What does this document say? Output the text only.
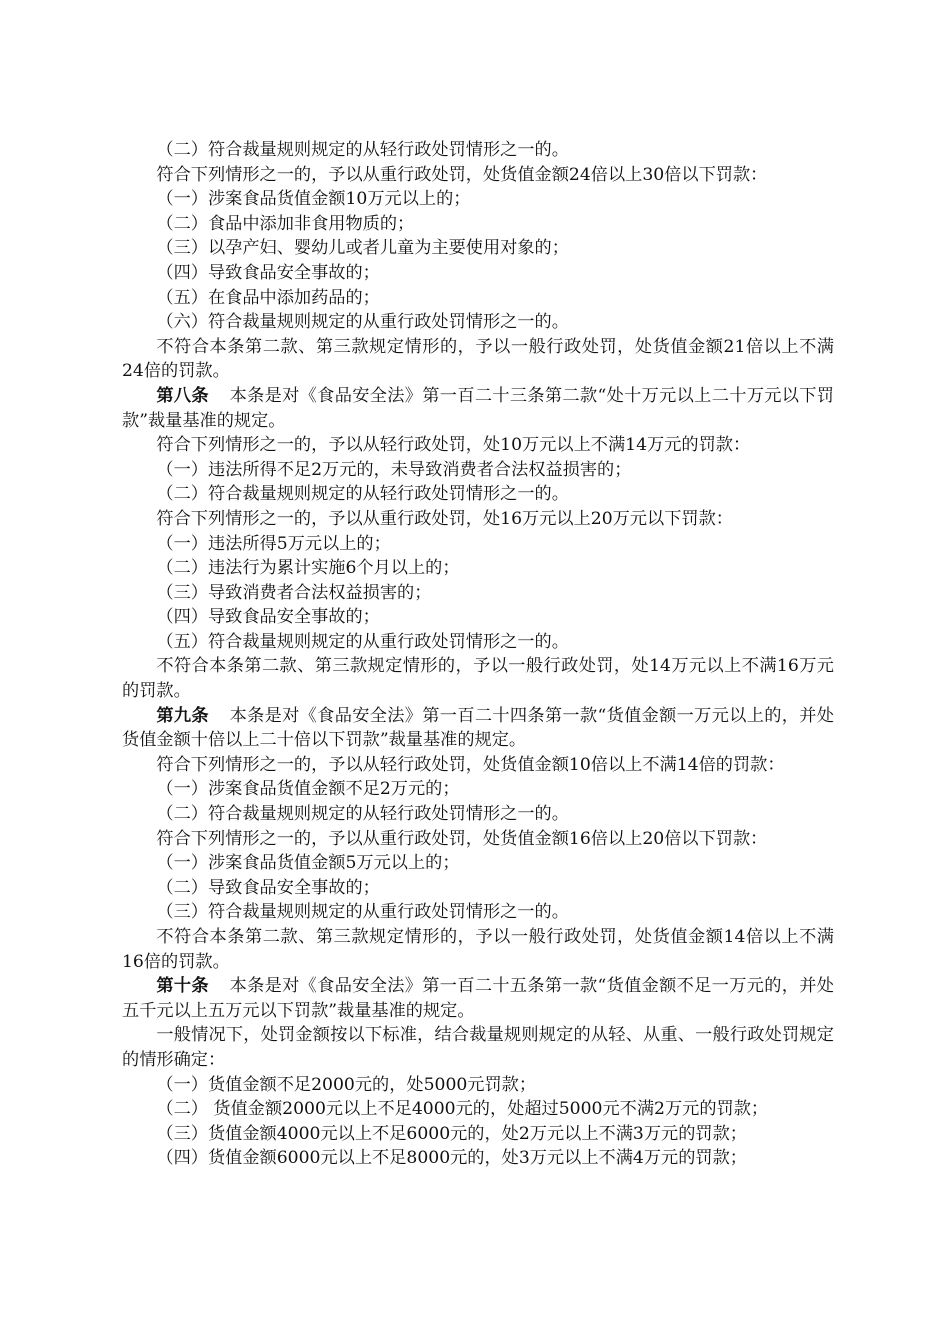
（二）符合裁量规则规定的从轻行政处罚情形之一的。

符合下列情形之一的，予以从重行政处罚，处货值金额24倍以上30倍以下罚款：

（一）涉案食品货值金额10万元以上的；

（二）食品中添加非食用物质的；

（三）以孕产妇、婴幼儿或者儿童为主要使用对象的；

（四）导致食品安全事故的；

（五）在食品中添加药品的；

（六）符合裁量规则规定的从重行政处罚情形之一的。

不符合本条第二款、第三款规定情形的，予以一般行政处罚，处货值金额21倍以上不满24倍的罚款。

第八条 本条是对《食品安全法》第一百二十三条第二款“处十万元以上二十万元以下罚款”裁量基准的规定。

符合下列情形之一的，予以从轻行政处罚，处10万元以上不满14万元的罚款：

（一）违法所得不足2万元的，未导致消费者合法权益损害的；

（二）符合裁量规则规定的从轻行政处罚情形之一的。

符合下列情形之一的，予以从重行政处罚，处16万元以上20万元以下罚款：

（一）违法所得5万元以上的；

（二）违法行为累计实施6个月以上的；

（三）导致消费者合法权益损害的；

（四）导致食品安全事故的；

（五）符合裁量规则规定的从重行政处罚情形之一的。

不符合本条第二款、第三款规定情形的，予以一般行政处罚，处14万元以上不满16万元的罚款。

第九条 本条是对《食品安全法》第一百二十四条第一款“货值金额一万元以上的，并处货值金额十倍以上二十倍以下罚款”裁量基准的规定。

符合下列情形之一的，予以从轻行政处罚，处货值金额10倍以上不满14倍的罚款：

（一）涉案食品货值金额不足2万元的；

（二）符合裁量规则规定的从轻行政处罚情形之一的。

符合下列情形之一的，予以从重行政处罚，处货值金额16倍以上20倍以下罚款：

（一）涉案食品货值金额5万元以上的；

（二）导致食品安全事故的；

（三）符合裁量规则规定的从重行政处罚情形之一的。

不符合本条第二款、第三款规定情形的，予以一般行政处罚，处货值金额14倍以上不满16倍的罚款。

第十条 本条是对《食品安全法》第一百二十五条第一款“货值金额不足一万元的，并处五千元以上五万元以下罚款”裁量基准的规定。

一般情况下，处罚金额按以下标准，结合裁量规则规定的从轻、从重、一般行政处罚规定的情形确定：

（一）货值金额不足2000元的，处5000元罚款；

（二） 货值金额2000元以上不足4000元的，处超过5000元不满2万元的罚款；

（三）货值金额4000元以上不足6000元的，处2万元以上不满3万元的罚款；

（四）货值金额6000元以上不足8000元的，处3万元以上不满4万元的罚款；
